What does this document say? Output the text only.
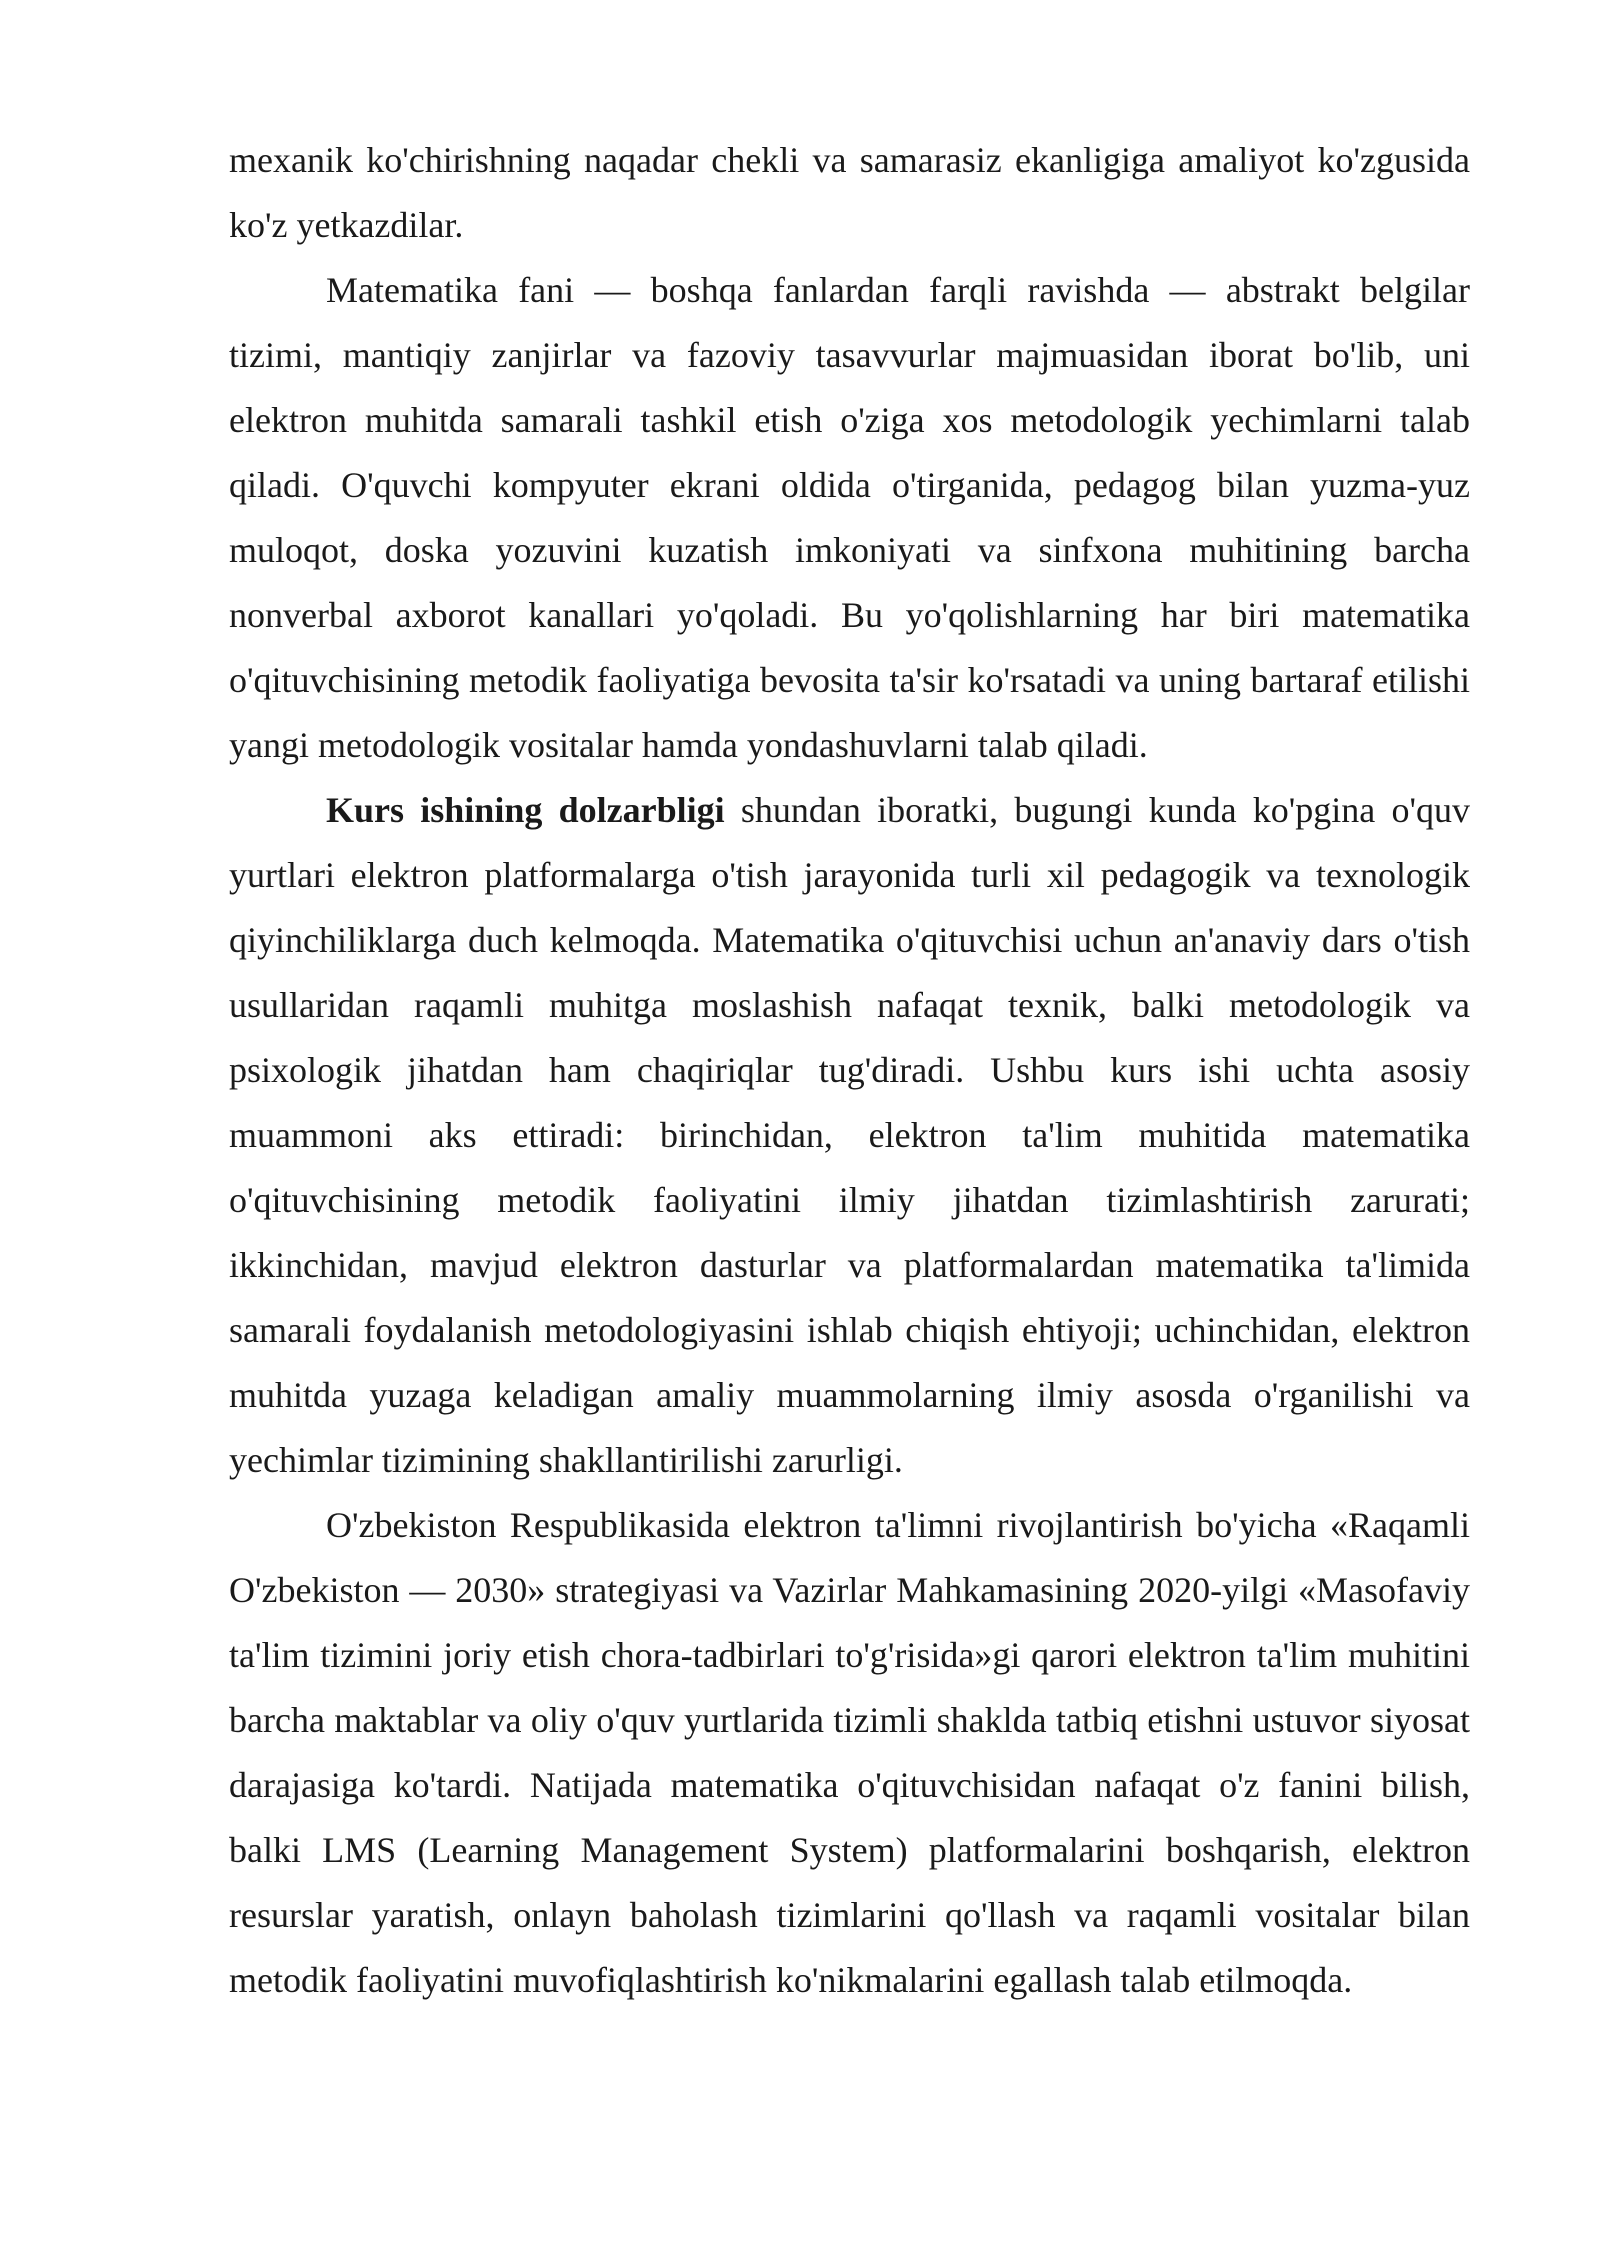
mexanik ko'chirishning naqadar chekli va samarasiz ekanligiga amaliyot ko'zgusida ko'z yetkazdilar.

Matematika fani — boshqa fanlardan farqli ravishda — abstrakt belgilar tizimi, mantiqiy zanjirlar va fazoviy tasavvurlar majmuasidan iborat bo'lib, uni elektron muhitda samarali tashkil etish o'ziga xos metodologik yechimlarni talab qiladi. O'quvchi kompyuter ekrani oldida o'tirganida, pedagog bilan yuzma-yuz muloqot, doska yozuvini kuzatish imkoniyati va sinfxona muhitining barcha nonverbal axborot kanallari yo'qoladi. Bu yo'qolishlarning har biri matematika o'qituvchisining metodik faoliyatiga bevosita ta'sir ko'rsatadi va uning bartaraf etilishi yangi metodologik vositalar hamda yondashuvlarni talab qiladi.

Kurs ishining dolzarbligi shundan iboratki, bugungi kunda ko'pgina o'quv yurtlari elektron platformalarga o'tish jarayonida turli xil pedagogik va texnologik qiyinchiliklarga duch kelmoqda. Matematika o'qituvchisi uchun an'anaviy dars o'tish usullaridan raqamli muhitga moslashish nafaqat texnik, balki metodologik va psixologik jihatdan ham chaqiriqlar tug'diradi. Ushbu kurs ishi uchta asosiy muammoni aks ettiradi: birinchidan, elektron ta'lim muhitida matematika o'qituvchisining metodik faoliyatini ilmiy jihatdan tizimlashtirish zarurati; ikkinchidan, mavjud elektron dasturlar va platformalardan matematika ta'limida samarali foydalanish metodologiyasini ishlab chiqish ehtiyoji; uchinchidan, elektron muhitda yuzaga keladigan amaliy muammolarning ilmiy asosda o'rganilishi va yechimlar tizimining shakllantirilishi zarurligi.

O'zbekiston Respublikasida elektron ta'limni rivojlantirish bo'yicha «Raqamli O'zbekiston — 2030» strategiyasi va Vazirlar Mahkamasining 2020-yilgi «Masofaviy ta'lim tizimini joriy etish chora-tadbirlari to'g'risida»gi qarori elektron ta'lim muhitini barcha maktablar va oliy o'quv yurtlarida tizimli shaklda tatbiq etishni ustuvor siyosat darajasiga ko'tardi. Natijada matematika o'qituvchisidan nafaqat o'z fanini bilish, balki LMS (Learning Management System) platformalarini boshqarish, elektron resurslar yaratish, onlayn baholash tizimlarini qo'llash va raqamli vositalar bilan metodik faoliyatini muvofiqlashtirish ko'nikmalarini egallash talab etilmoqda.
